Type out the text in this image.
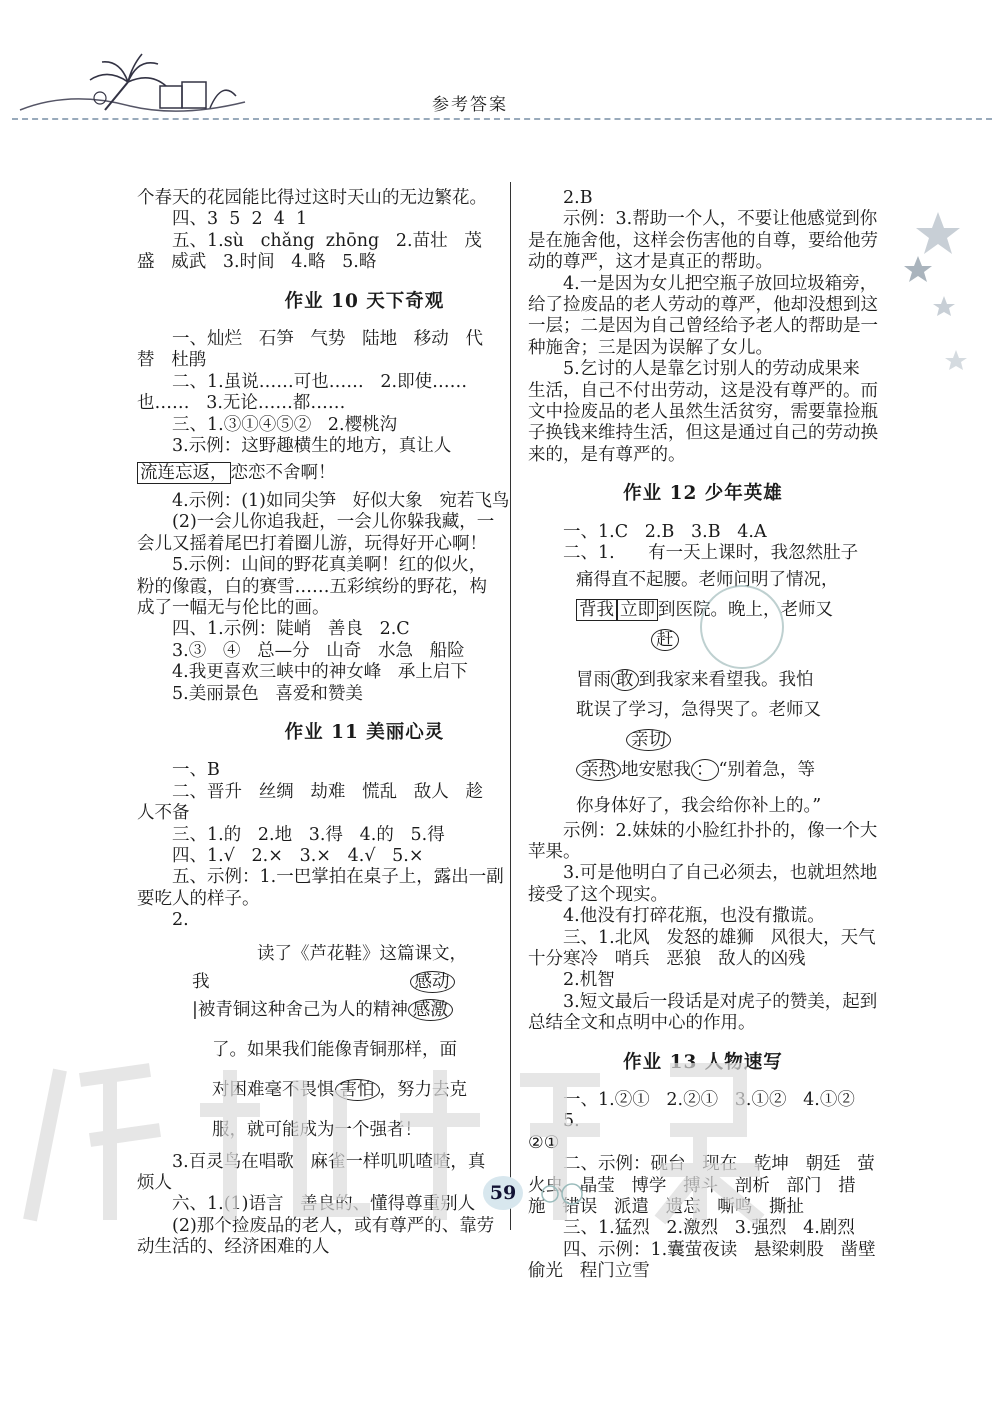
参考答案

个春天的花园能比得过这时天山的无边繁花。

四、3  5  2  4  1

五、1.sù   chǎng  zhōng   2.苗壮   茂

盛   威武   3.时间   4.略   5.略

作业 10 天下奇观

一、灿烂   石笋   气势   陆地   移动   代

替   杜鹃

二、1.虽说……可也……   2.即使……

也……   3.无论……都……

三、1.③①④⑤②   2.樱桃沟

3.示例：这野趣横生的地方，真让人

流连忘返， 恋恋不舍啊！

4.示例：(1)如同尖笋   好似大象   宛若飞鸟

(2)一会儿你追我赶，一会儿你躲我藏，一

会儿又摇着尾巴打着圈儿游，玩得好开心啊！

5.示例：山间的野花真美啊！红的似火，

粉的像霞，白的赛雪……五彩缤纷的野花，构

成了一幅无与伦比的画。

四、1.示例：陡峭   善良   2.C

3.③   ④   总—分   山奇   水急   船险

4.我更喜欢三峡中的神女峰   承上启下

5.美丽景色   喜爱和赞美

作业 11 美丽心灵

一、B

二、晋升   丝绸   劫难   慌乱   敌人   趁

人不备

三、1.的   2.地   3.得   4.的   5.得

四、1.√   2.×   3.×   4.√   5.×

五、示例：1.一巴掌拍在桌子上，露出一副

要吃人的样子。

2.

读了《芦花鞋》这篇课文，

我	感动

|被青铜这种舍己为人的精神 感激

了。如果我们能像青铜那样，面

对困难毫不畏惧 害怕 ，努力去克

服，就可能成为一个强者！

3.百灵鸟在唱歌   麻雀一样叽叽喳喳，真

烦人

六、1.(1)语言   善良的、懂得尊重别人

(2)那个捡废品的老人，或有尊严的、靠劳

动生活的、经济困难的人

2.B

示例：3.帮助一个人，不要让他感觉到你

是在施舍他，这样会伤害他的自尊，要给他劳

动的尊严，这才是真正的帮助。

4.一是因为女儿把空瓶子放回垃圾箱旁，

给了捡废品的老人劳动的尊严，他却没想到这

一层；二是因为自己曾经给予老人的帮助是一

种施舍；三是因为误解了女儿。

5.乞讨的人是靠乞讨别人的劳动成果来

生活，自己不付出劳动，这是没有尊严的。而

文中捡废品的老人虽然生活贫穷，需要靠捡瓶

子换钱来维持生活，但这是通过自己的劳动换

来的，是有尊严的。

作业 12 少年英雄

一、1.C   2.B   3.B   4.A

二、1.      有一天上课时，我忽然肚子

痛得直不起腰。老师问明了情况，

背我 立即 到医院。晚上，老师又

赶

冒雨 敢 到我家来看望我。我怕

耽误了学习，急得哭了。老师又

亲切

亲热 地安慰我 ： “别着急，等

你身体好了，我会给你补上的。”

示例：2.妹妹的小脸红扑扑的，像一个大

苹果。

3.可是他明白了自己必须去，也就坦然地

接受了这个现实。

4.他没有打碎花瓶，也没有撒谎。

三、1.北风   发怒的雄狮   风很大，天气

十分寒冷   哨兵   恶狼   敌人的凶残

2.机智

3.短文最后一段话是对虎子的赞美，起到

总结全文和点明中心的作用。

作业 13 人物速写

一、1.②①   2.②①   3.①②   4.①②   5.

②①

二、示例：砚台   现在   乾坤   朝廷   萤

火虫   晶莹   博学   搏斗   剖析   部门   措

施   错误   派遣   遗忘   嘶鸣   撕扯

三、1.猛烈   2.激烈   3.强烈   4.剧烈

四、示例：1.囊萤夜读   悬梁刺股   凿壁

偷光   程门立雪

59
